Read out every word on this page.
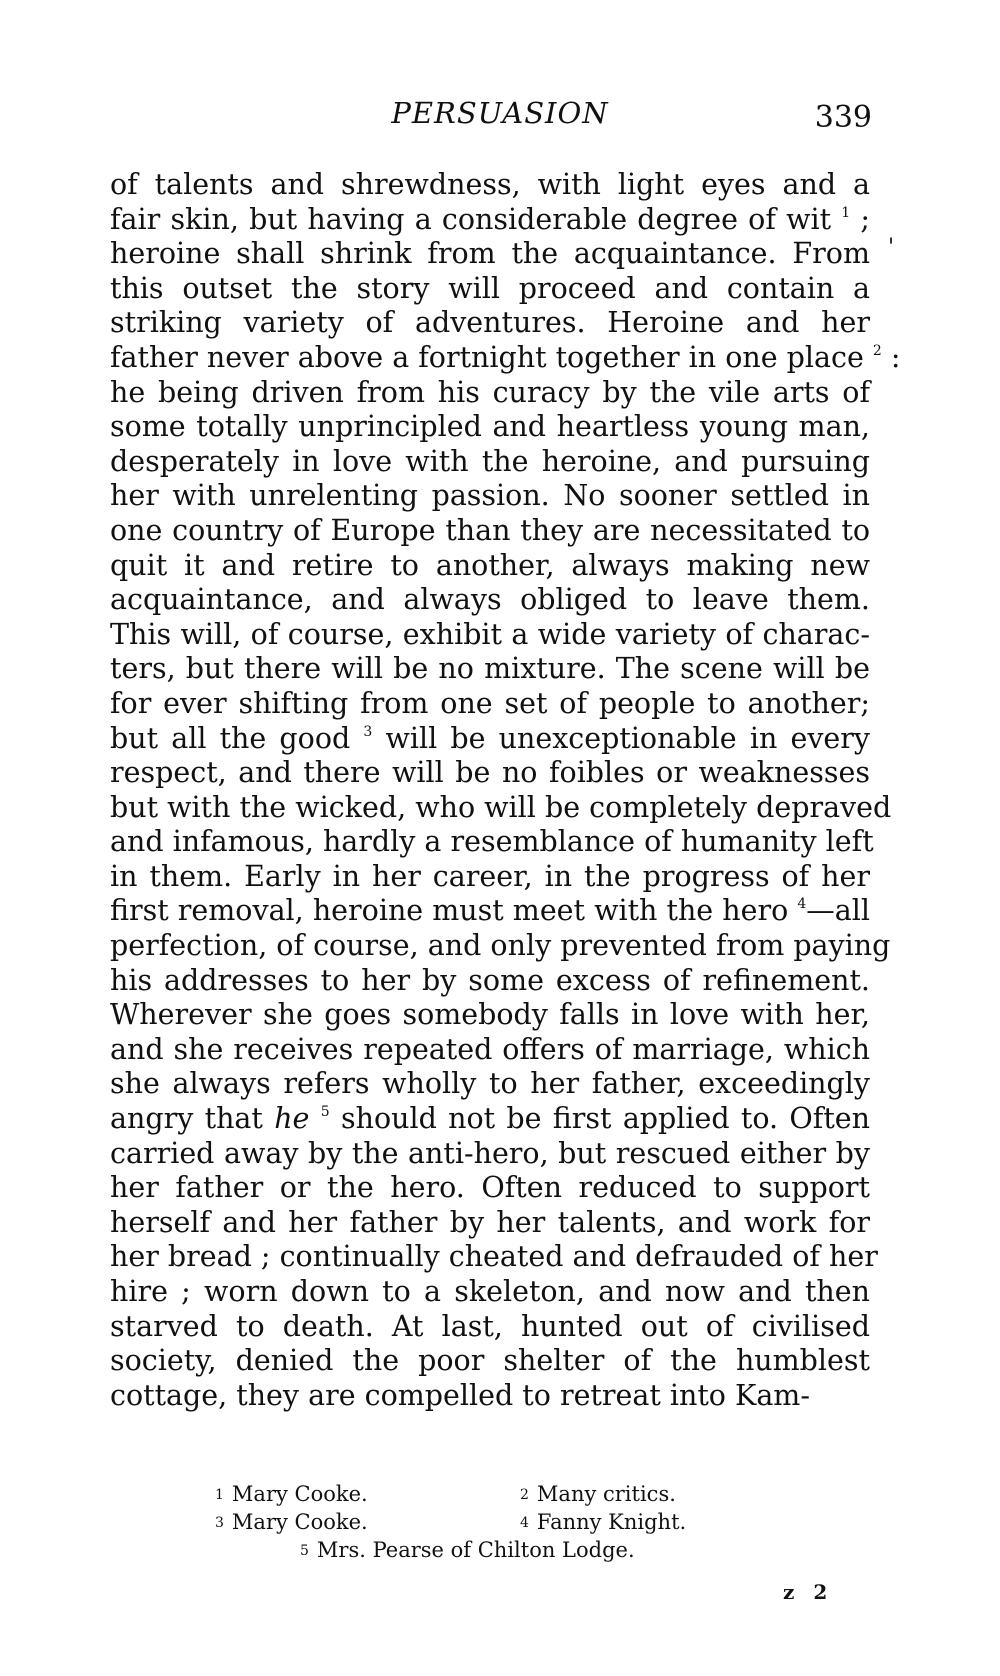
PERSUASION	339
'
of talents and shrewdness, with light eyes and a
fair skin, but having a considerable degree of wit $^1$ ;
heroine shall shrink from the acquaintance. From
this outset the story will proceed and contain a
striking variety of adventures. Heroine and her
father never above a fortnight together in one place $^2$ :
he being driven from his curacy by the vile arts of
some totally unprincipled and heartless young man,
desperately in love with the heroine, and pursuing
her with unrelenting passion. No sooner settled in
one country of Europe than they are necessitated to
quit it and retire to another, always making new
acquaintance, and always obliged to leave them.
This will, of course, exhibit a wide variety of charac-
ters, but there will be no mixture. The scene will be
for ever shifting from one set of people to another;
but all the good $^3$ will be unexceptionable in every
respect, and there will be no foibles or weaknesses
but with the wicked, who will be completely depraved
and infamous, hardly a resemblance of humanity left
in them. Early in her career, in the progress of her
first removal, heroine must meet with the hero $^4$—all
perfection, of course, and only prevented from paying
his addresses to her by some excess of refinement.
Wherever she goes somebody falls in love with her,
and she receives repeated offers of marriage, which
she always refers wholly to her father, exceedingly
angry that he $^5$ should not be first applied to. Often
carried away by the anti-hero, but rescued either by
her father or the hero. Often reduced to support
herself and her father by her talents, and work for
her bread ; continually cheated and defrauded of her
hire ; worn down to a skeleton, and now and then
starved to death. At last, hunted out of civilised
society, denied the poor shelter of the humblest
cottage, they are compelled to retreat into Kam-
1 Mary Cooke.	2 Many critics.
3 Mary Cooke.	4 Fanny Knight.
5 Mrs. Pearse of Chilton Lodge.
z 2
